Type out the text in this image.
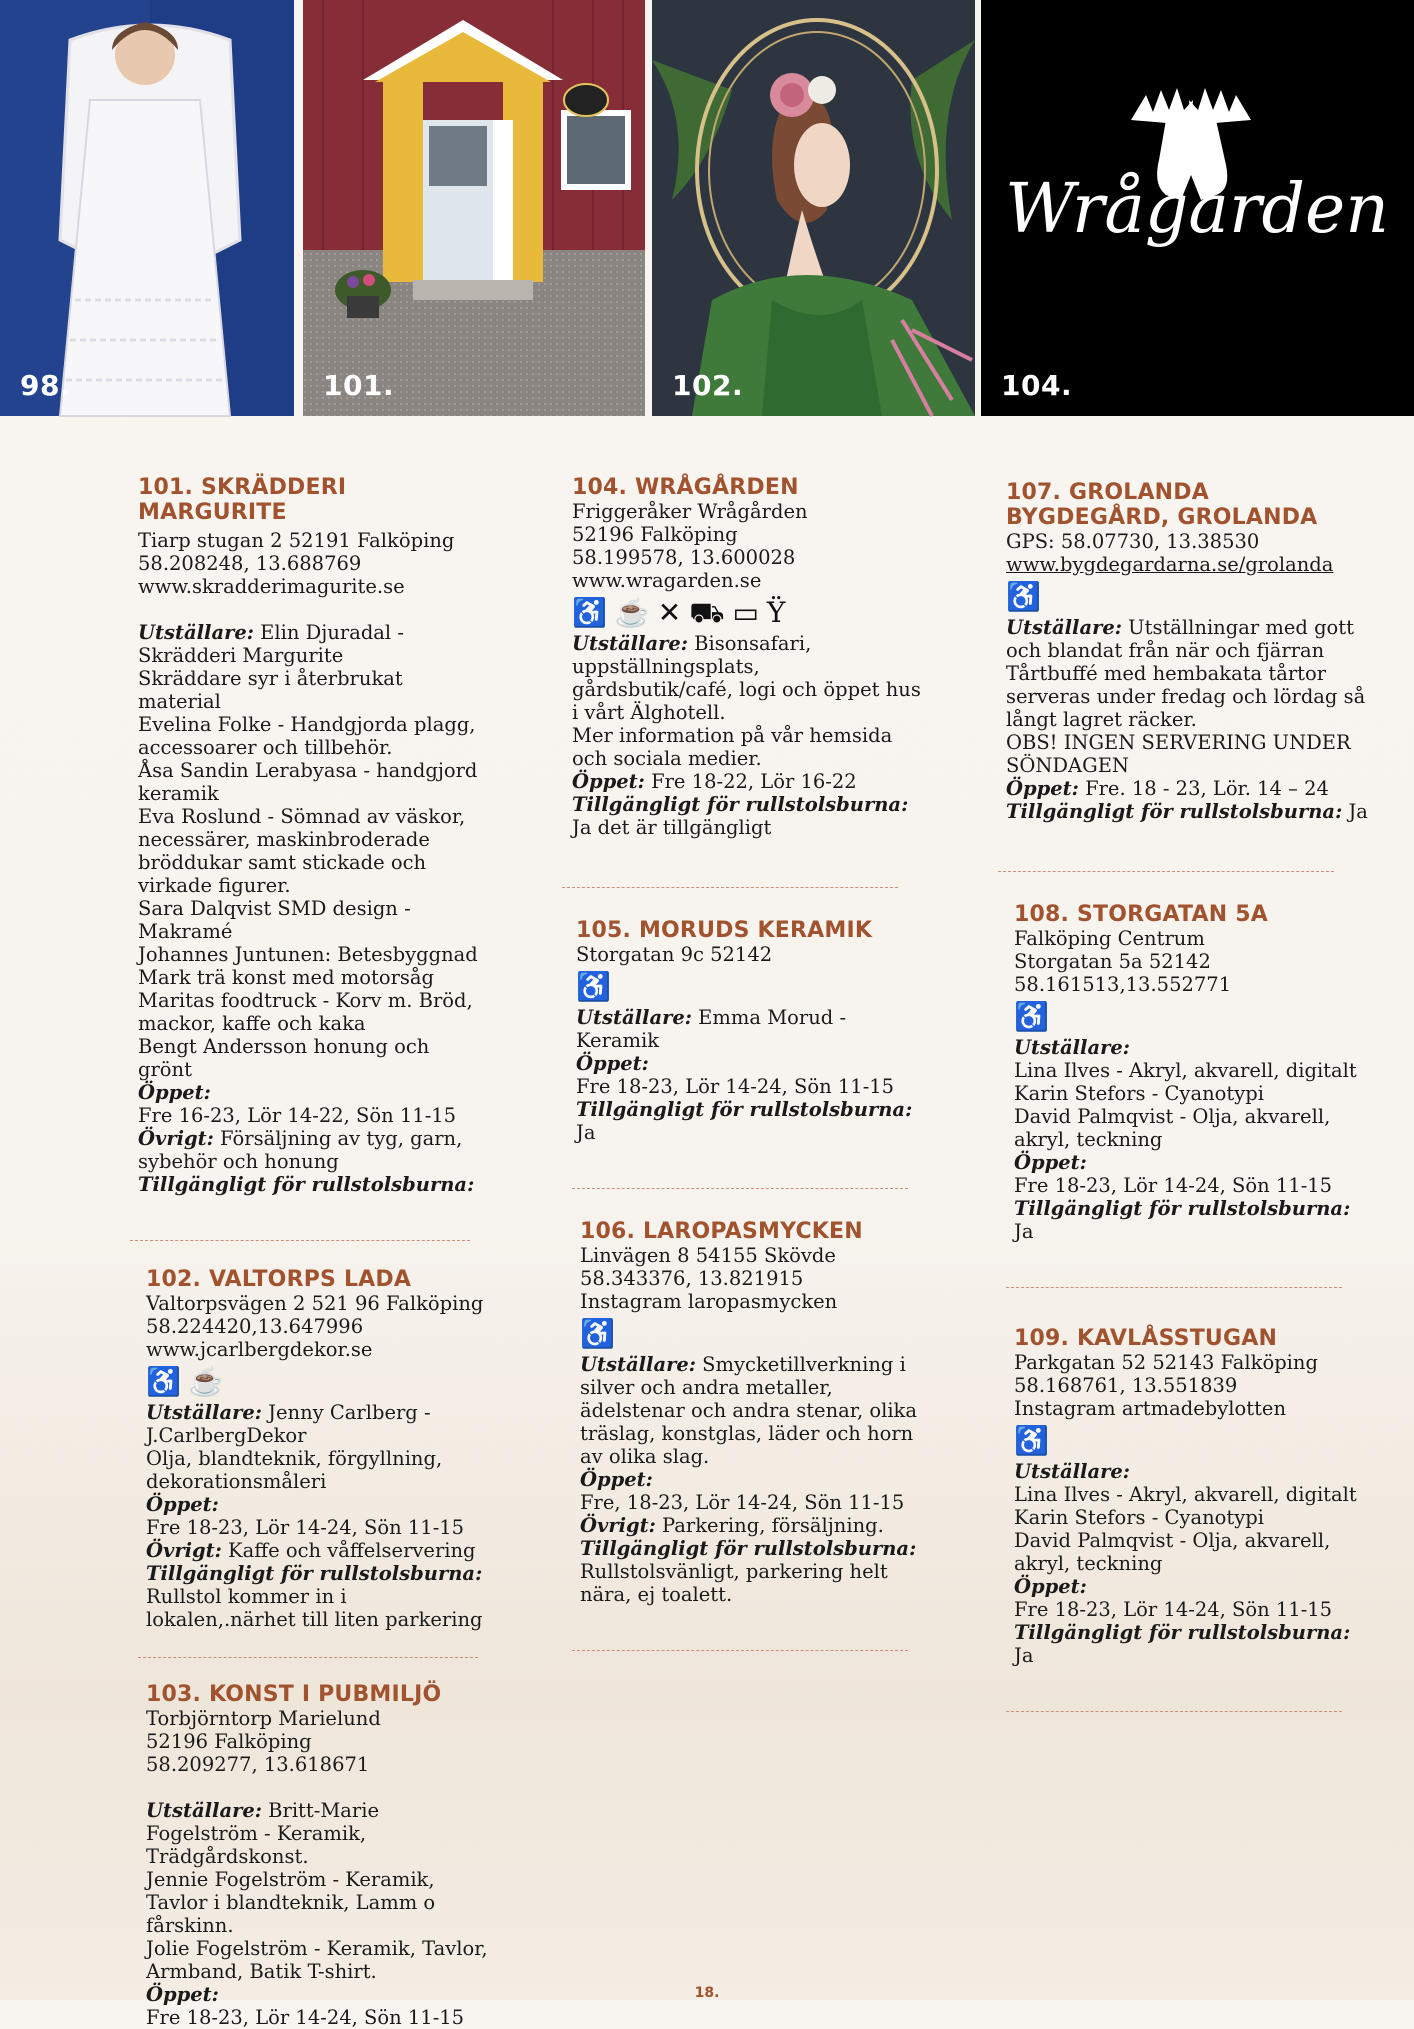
98.	101.	102.
Wrågården
104.
101. SKRÄDDERI MARGURITE

Tiarp stugan 2 52191 Falköping

58.208248, 13.688769

www.skradderimagurite.se

Utställare: Elin Djuradal - Skrädderi Margurite

Skräddare syr i återbrukat material
Evelina Folke - Handgjorda plagg, accessoarer och tillbehör.
Åsa Sandin Lerabyasa - handgjord keramik
Eva Roslund - Sömnad av väskor, necessärer, maskinbroderade bröddukar samt stickade och virkade figurer.
Sara Dalqvist SMD design -Makramé
Johannes Juntunen: Betesbyggnad
Mark trä konst med motorsåg
Maritas foodtruck - Korv m. Bröd, mackor, kaffe och kaka
Bengt Andersson honung och grönt

Öppet:

Fre 16-23, Lör 14-22, Sön 11-15

Övrigt: Försäljning av tyg, garn, sybehör och honung

Tillgängligt för rullstolsburna:

102. VALTORPS LADA

Valtorpsvägen 2 521 96 Falköping

58.224420,13.647996

www.jcarlbergdekor.se

♿ ☕

Utställare: Jenny Carlberg - J.CarlbergDekor

Olja, blandteknik, förgyllning, dekorationsmåleri

Öppet:

Fre 18-23, Lör 14-24, Sön 11-15

Övrigt: Kaffe och våffelservering

Tillgängligt för rullstolsburna:

Rullstol kommer in i lokalen,.närhet till liten parkering

103. KONST I PUBMILJÖ

Torbjörntorp Marielund
52196 Falköping

58.209277, 13.618671

Utställare: Britt-Marie Fogelström - Keramik, Trädgårdskonst.

Jennie Fogelström - Keramik, Tavlor i blandteknik, Lamm o fårskinn.
Jolie Fogelström - Keramik, Tavlor, Armband, Batik T-shirt.

Öppet:

Fre 18-23, Lör 14-24, Sön 11-15

104. WRÅGÅRDEN

Friggeråker Wrågården
52196 Falköping

58.199578, 13.600028

www.wragarden.se

♿ ☕ ✕ ⛟ ▭ Ÿ

Utställare: Bisonsafari, uppställningsplats, gårdsbutik/café, logi och öppet hus i vårt Älghotell.
Mer information på vår hemsida och sociala medier.

Öppet: Fre 18-22, Lör 16-22

Tillgängligt för rullstolsburna:

Ja det är tillgängligt

105. MORUDS KERAMIK

Storgatan 9c 52142

♿

Utställare: Emma Morud - Keramik

Öppet:

Fre 18-23, Lör 14-24, Sön 11-15

Tillgängligt för rullstolsburna: Ja

106. LAROPASMYCKEN

Linvägen 8 54155 Skövde

58.343376, 13.821915

Instagram laropasmycken

♿

Utställare: Smycketillverkning i silver och andra metaller, ädelstenar och andra stenar, olika träslag, konstglas, läder och horn av olika slag.

Öppet:

Fre, 18-23, Lör 14-24, Sön 11-15

Övrigt: Parkering, försäljning.

Tillgängligt för rullstolsburna:

Rullstolsvänligt, parkering helt nära, ej toalett.

107. GROLANDA BYGDEGÅRD, GROLANDA

GPS: 58.07730, 13.38530

www.bygdegardarna.se/grolanda

♿

Utställare: Utställningar med gott och blandat från när och fjärran
Tårtbuffé med hembakata tårtor serveras under fredag och lördag så långt lagret räcker.
OBS! INGEN SERVERING UNDER SÖNDAGEN

Öppet: Fre. 18 - 23, Lör. 14 – 24

Tillgängligt för rullstolsburna: Ja

108. STORGATAN 5A

Falköping Centrum
Storgatan 5a 52142

58.161513,13.552771

♿

Utställare:

Lina Ilves - Akryl, akvarell, digitalt
Karin Stefors - Cyanotypi
David Palmqvist - Olja, akvarell, akryl, teckning

Öppet:

Fre 18-23, Lör 14-24, Sön 11-15

Tillgängligt för rullstolsburna: Ja

109. KAVLÅSSTUGAN

Parkgatan 52 52143 Falköping

58.168761, 13.551839

Instagram artmadebylotten

♿

Utställare:

Lina Ilves - Akryl, akvarell, digitalt
Karin Stefors - Cyanotypi
David Palmqvist - Olja, akvarell, akryl, teckning

Öppet:

Fre 18-23, Lör 14-24, Sön 11-15

Tillgängligt för rullstolsburna: Ja

18.
